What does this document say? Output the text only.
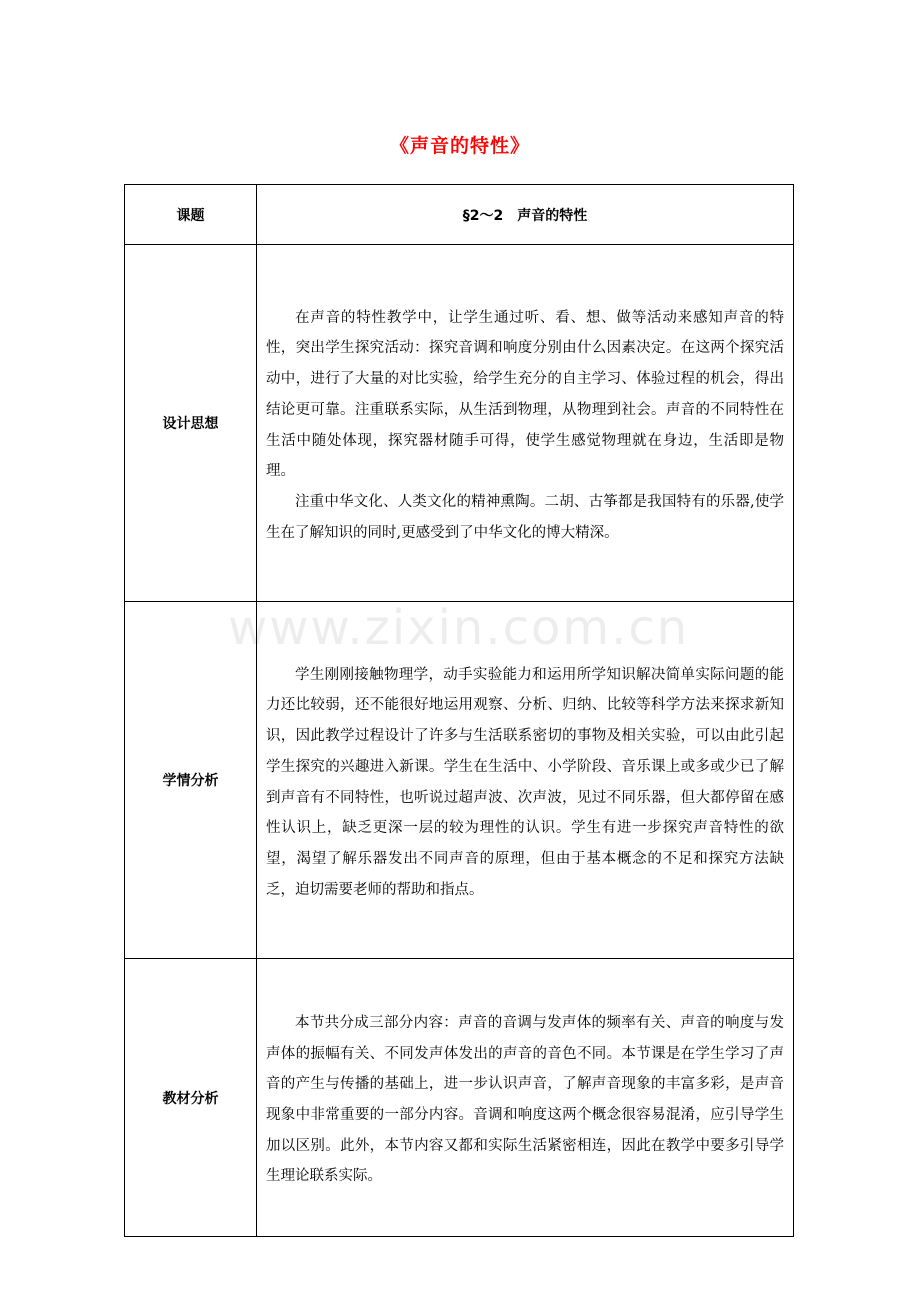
《声音的特性》
课题	§2～2　声音的特性
设计思想	在声音的特性教学中，让学生通过听、看、想、做等活动来感知声音的特性，突出学生探究活动：探究音调和响度分别由什么因素决定。在这两个探究活动中，进行了大量的对比实验，给学生充分的自主学习、体验过程的机会，得出结论更可靠。注重联系实际，从生活到物理，从物理到社会。声音的不同特性在生活中随处体现，探究器材随手可得，使学生感觉物理就在身边，生活即是物理。

注重中华文化、人类文化的精神熏陶。二胡、古筝都是我国特有的乐器,使学生在了解知识的同时,更感受到了中华文化的博大精深。

学情分析	学生刚刚接触物理学，动手实验能力和运用所学知识解决简单实际问题的能力还比较弱，还不能很好地运用观察、分析、归纳、比较等科学方法来探求新知识，因此教学过程设计了许多与生活联系密切的事物及相关实验，可以由此引起学生探究的兴趣进入新课。学生在生活中、小学阶段、音乐课上或多或少已了解到声音有不同特性，也听说过超声波、次声波，见过不同乐器，但大都停留在感性认识上，缺乏更深一层的较为理性的认识。学生有进一步探究声音特性的欲望，渴望了解乐器发出不同声音的原理，但由于基本概念的不足和探究方法缺乏，迫切需要老师的帮助和指点。

教材分析	本节共分成三部分内容：声音的音调与发声体的频率有关、声音的响度与发声体的振幅有关、不同发声体发出的声音的音色不同。本节课是在学生学习了声音的产生与传播的基础上，进一步认识声音，了解声音现象的丰富多彩，是声音现象中非常重要的一部分内容。音调和响度这两个概念很容易混淆，应引导学生加以区别。此外，本节内容又都和实际生活紧密相连，因此在教学中要多引导学生理论联系实际。

www.zixin.com.cn
